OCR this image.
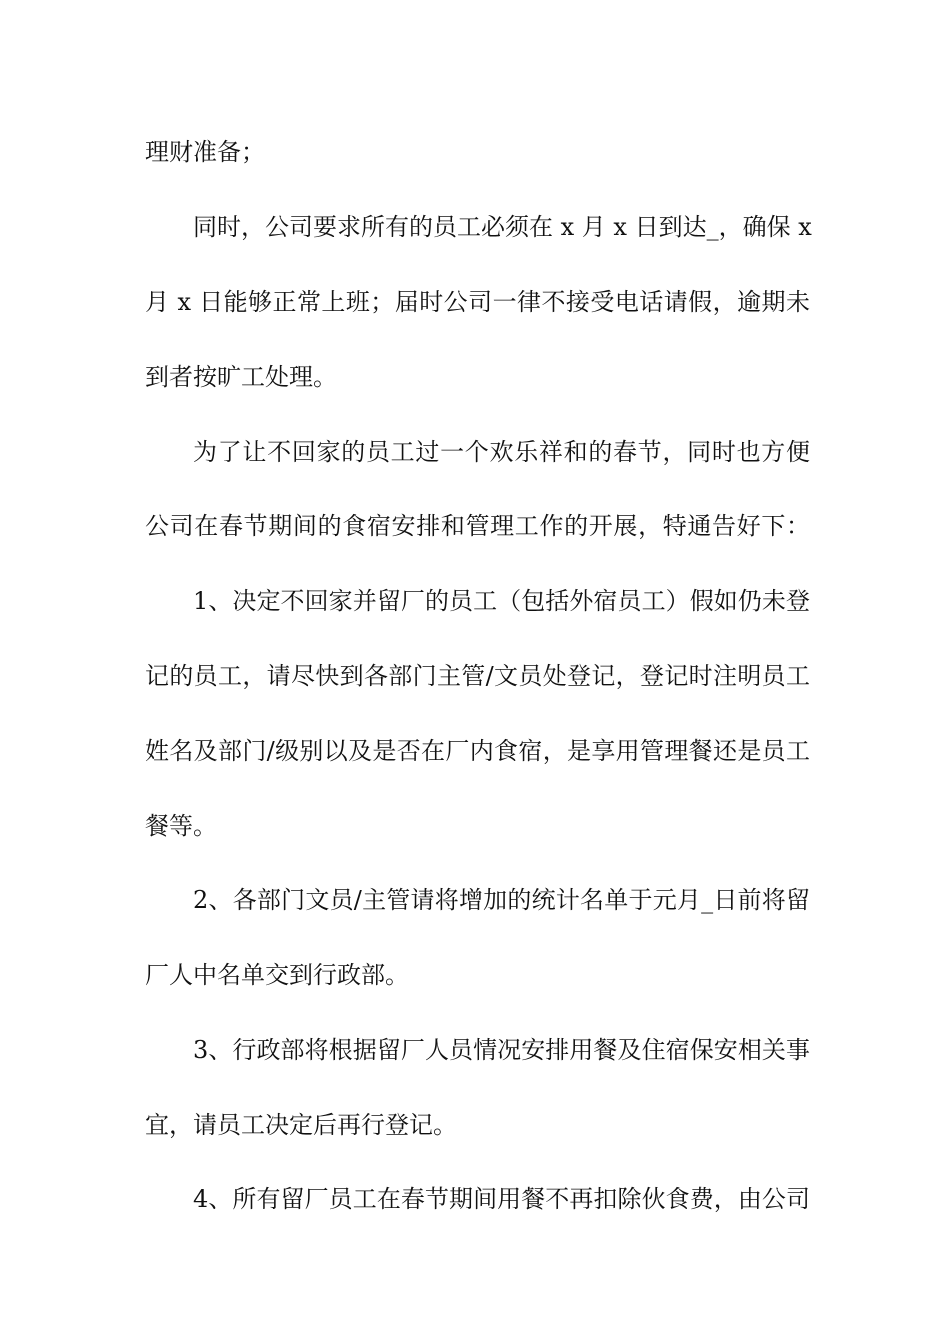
理财准备；
同时，公司要求所有的员工必须在 x 月 x 日到达_，确保 x
月 x 日能够正常上班；届时公司一律不接受电话请假，逾期未
到者按旷工处理。
为了让不回家的员工过一个欢乐祥和的春节，同时也方便
公司在春节期间的食宿安排和管理工作的开展，特通告好下：
1、决定不回家并留厂的员工（包括外宿员工）假如仍未登
记的员工，请尽快到各部门主管/文员处登记，登记时注明员工
姓名及部门/级别以及是否在厂内食宿，是享用管理餐还是员工
餐等。
2、各部门文员/主管请将增加的统计名单于元月_日前将留
厂人中名单交到行政部。
3、行政部将根据留厂人员情况安排用餐及住宿保安相关事
宜，请员工决定后再行登记。
4、所有留厂员工在春节期间用餐不再扣除伙食费，由公司
